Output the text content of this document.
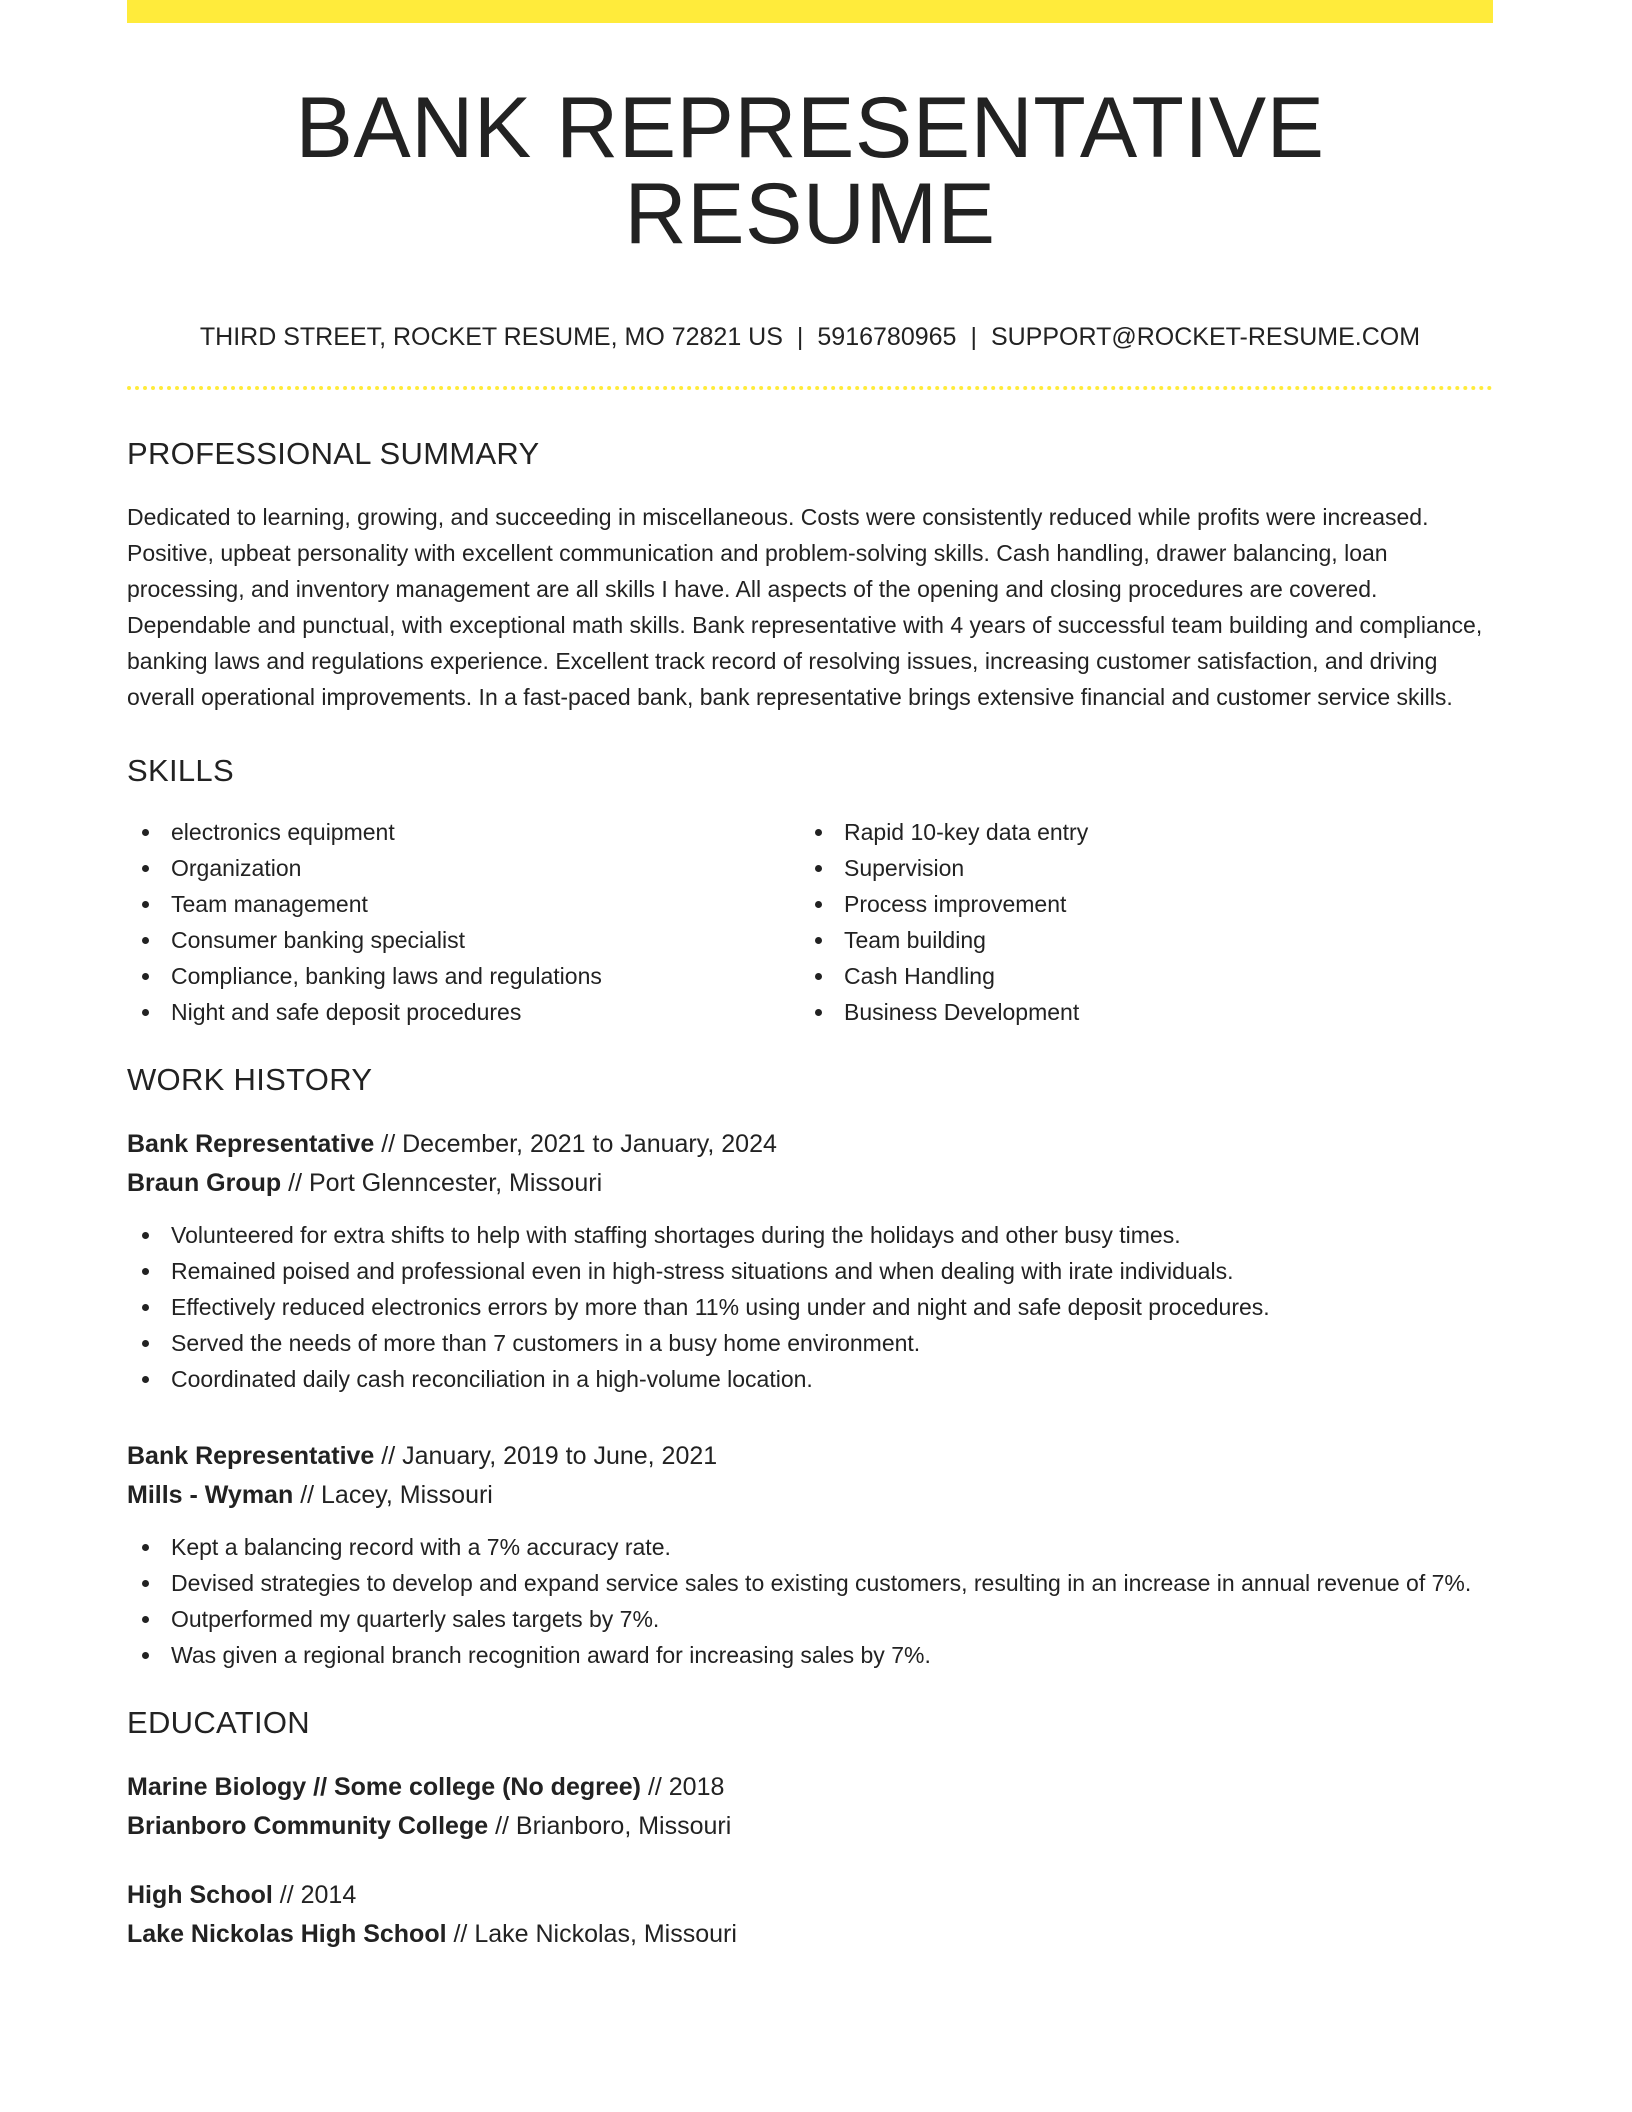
BANK REPRESENTATIVE RESUME
THIRD STREET, ROCKET RESUME, MO 72821 US | 5916780965 | SUPPORT@ROCKET-RESUME.COM
PROFESSIONAL SUMMARY

Dedicated to learning, growing, and succeeding in miscellaneous. Costs were consistently reduced while profits were increased. Positive, upbeat personality with excellent communication and problem-solving skills. Cash handling, drawer balancing, loan processing, and inventory management are all skills I have. All aspects of the opening and closing procedures are covered. Dependable and punctual, with exceptional math skills. Bank representative with 4 years of successful team building and compliance, banking laws and regulations experience. Excellent track record of resolving issues, increasing customer satisfaction, and driving overall operational improvements. In a fast-paced bank, bank representative brings extensive financial and customer service skills.

SKILLS
electronics equipment
Organization
Team management
Consumer banking specialist
Compliance, banking laws and regulations
Night and safe deposit procedures
Rapid 10-key data entry
Supervision
Process improvement
Team building
Cash Handling
Business Development
WORK HISTORY
Bank Representative // December, 2021 to January, 2024
Braun Group // Port Glenncester, Missouri
Volunteered for extra shifts to help with staffing shortages during the holidays and other busy times.
Remained poised and professional even in high-stress situations and when dealing with irate individuals.
Effectively reduced electronics errors by more than 11% using under and night and safe deposit procedures.
Served the needs of more than 7 customers in a busy home environment.
Coordinated daily cash reconciliation in a high-volume location.
Bank Representative // January, 2019 to June, 2021
Mills - Wyman // Lacey, Missouri
Kept a balancing record with a 7% accuracy rate.
Devised strategies to develop and expand service sales to existing customers, resulting in an increase in annual revenue of 7%.
Outperformed my quarterly sales targets by 7%.
Was given a regional branch recognition award for increasing sales by 7%.
EDUCATION
Marine Biology // Some college (No degree) // 2018
Brianboro Community College // Brianboro, Missouri
High School // 2014
Lake Nickolas High School // Lake Nickolas, Missouri
